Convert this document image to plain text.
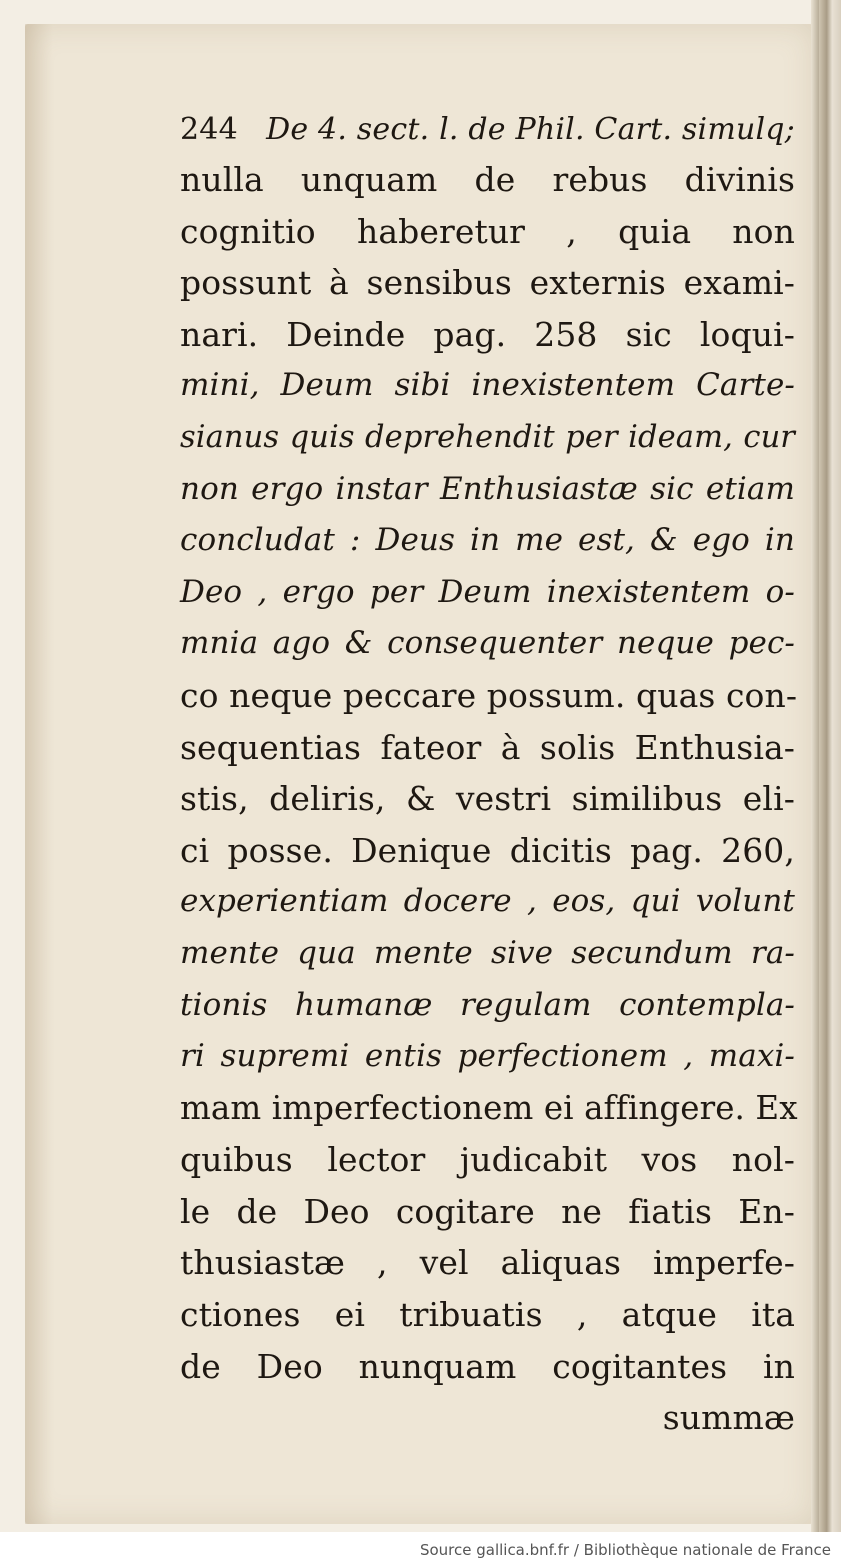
244 De 4. sect. l. de Phil. Cart. simulq;
nulla unquam de rebus divinis
cognitio haberetur , quia non
possunt à sensibus externis exami-
nari. Deinde pag. 258 sic loqui-
mini, Deum sibi inexistentem Carte-
sianus quis deprehendit per ideam, cur
non ergo instar Enthusiastæ sic etiam
concludat : Deus in me est, & ego in
Deo , ergo per Deum inexistentem o-
mnia ago & consequenter neque pec-
co neque peccare possum. quas con-
sequentias fateor à solis Enthusia-
stis, deliris, & vestri similibus eli-
ci posse. Denique dicitis pag. 260,
experientiam docere , eos, qui volunt
mente qua mente sive secundum ra-
tionis humanæ regulam contempla-
ri supremi entis perfectionem , maxi-
mam imperfectionem ei affingere. Ex
quibus lector judicabit vos nol-
le de Deo cogitare ne fiatis En-
thusiastæ , vel aliquas imperfe-
ctiones ei tribuatis , atque ita
de Deo nunquam cogitantes in
summæ
Source gallica.bnf.fr / Bibliothèque nationale de France
